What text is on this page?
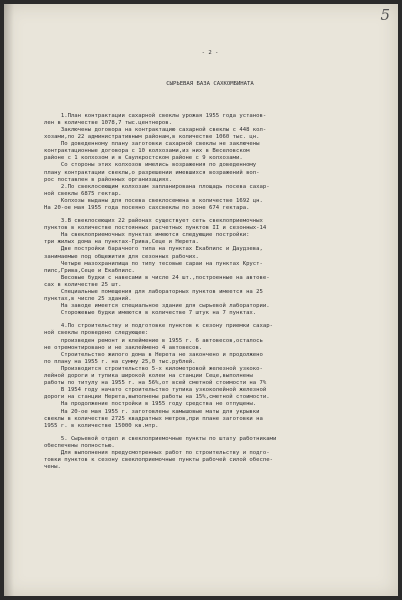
5

- 2 -

СЫРЬЕВАЯ БАЗА САХКОМБИНАТА

1.План контрактации сахарной свеклы урожая 1955 года установ-
лен в количестве 1078,7 тыс.центнеров.
Заключены договора на контрактацию сахарной свеклы с 448 кол-
хозами,по 22 административным районам,в количестве 1060 тыс. цн.
По доведенному плану заготовки сахарной свеклы не заключены
контрактационные договора с 10 колхозами,из них в Веселовском
районе с 1 колхозом и в Саулкростском районе с 9 колхозами.
Со стороны этих колхозов имелись возражения по доведенному
плану контрактации свеклы,о разрешении имевшихся возражений воп-
рос поставлен в районных организациях.
2.По свеклосеющим колхозам запланирована площадь посева сахар-
ной свеклы 6875 гектар.
Колхозы выданы для посева свеклосемена в количестве 1692 цн.
На 20-ое мая 1955 года посеяно сахсвеклы по зоне 674 гектара.
3.В свеклосеющих 22 районах существует сеть свеклоприемочных
пунктов в количестве постоянных расчетных пунктов II и сезонных-14
На свеклоприемочных пунктах имеются следующие постройки:
три жилых дома на пунктах-Грива,Сеце и Нерета.
Две постройки барачного типа на пунктах Екабпилс и Даудзева,
занимаемые под общежития для сезонных рабочих.
Четыре мазохранилища по типу тесовые сараи на пунктах Круст-
пилс,Грива,Сеце и Екабпилс.
Весовые будки с навесами в числе 24 шт.,построенные на автове-
сах в количестве 25 шт.
Специальные помещения для лабораторных пунктов имеется на 25
пунктах,в числе 25 зданий.
На заводе имеется специальное здание для сырьевой лаборатории.
Сторожевые будки имеются в количестве 7 штук на 7 пунктах.
4.По строительству и подготовке пунктов к сезону приемки сахар-
ной свеклы проведено следующее:
произведен ремонт и клеймение в 1955 г. 6 автовесов,осталось
не отремонтировано и не заклеймено 4 автовесов.
Строительство жилого дома в Нерета не закончено и продолжено
по плану на 1955 г. на сумму 25,0 тыс.рублей.
Производится строительство 5-х километровой железной узкоко-
лейной дороги и тупика широкой колеи на станции Сеце,выполнены
работы по титулу на 1955 г. на 56%,от всей сметной стоимости на 7%
В 1954 году начато строительство тупика узкоколейной железной
дороги на станции Нерета,выполнены работы на 15%,сметной стоимости.
На продолжение постройки в 1955 году средства не отпущены.
На 20-ое мая 1955 г. заготовлены камышовые маты для укрывки
свеклы в количестве 2725 квадратных метров,при плане заготовки на
1955 г. в количестве 15000 кв.мтр.
5. Сырьевой отдел и свеклоприемочные пункты по штату работниками
обеспечены полностью.
Для выполнения предусмотренных работ по строительству и подго-
товки пунктов к сезону свеклоприемочные пункты рабочей силой обеспе-
чены.
